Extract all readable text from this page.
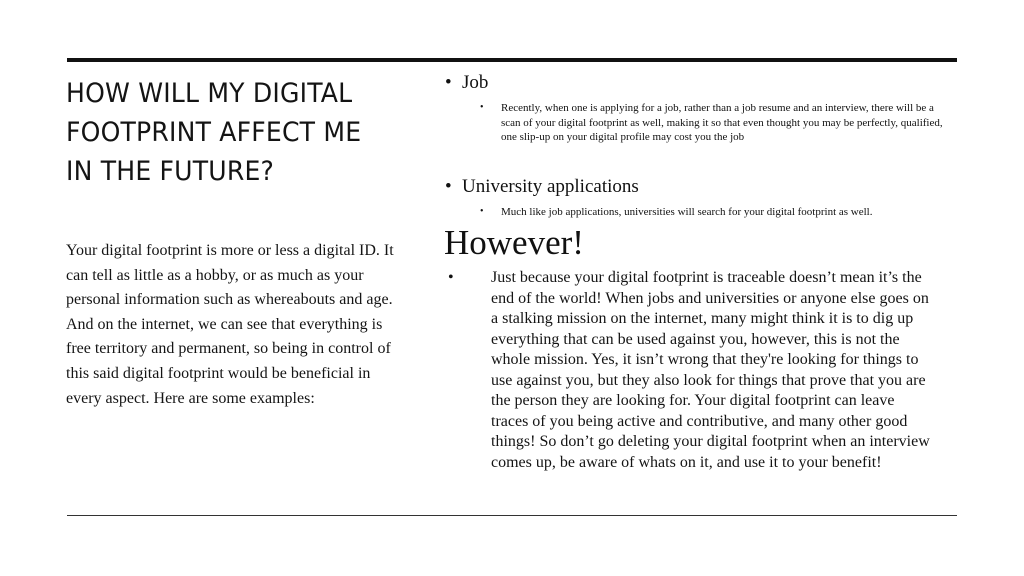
HOW WILL MY DIGITAL FOOTPRINT AFFECT ME IN THE FUTURE?
Your digital footprint is more or less a digital ID. It can tell as little as a hobby, or as much as your personal information such as whereabouts and age. And on the internet, we can see that everything is free territory and permanent, so being in control of this said digital footprint would be beneficial in every aspect. Here are some examples:
• Job
• Recently, when one is applying for a job, rather than a job resume and an interview, there will be a scan of your digital footprint as well, making it so that even thought you may be perfectly, qualified, one slip-up on your digital profile may cost you the job
• University applications
• Much like job applications, universities will search for your digital footprint as well.
However!
• Just because your digital footprint is traceable doesn’t mean it’s the end of the world! When jobs and universities or anyone else goes on a stalking mission on the internet, many might think it is to dig up everything that can be used against you, however, this is not the whole mission. Yes, it isn’t wrong that they're looking for things to use against you, but they also look for things that prove that you are the person they are looking for. Your digital footprint can leave traces of you being active and contributive, and many other good things! So don’t go deleting your digital footprint when an interview comes up, be aware of whats on it, and use it to your benefit!
